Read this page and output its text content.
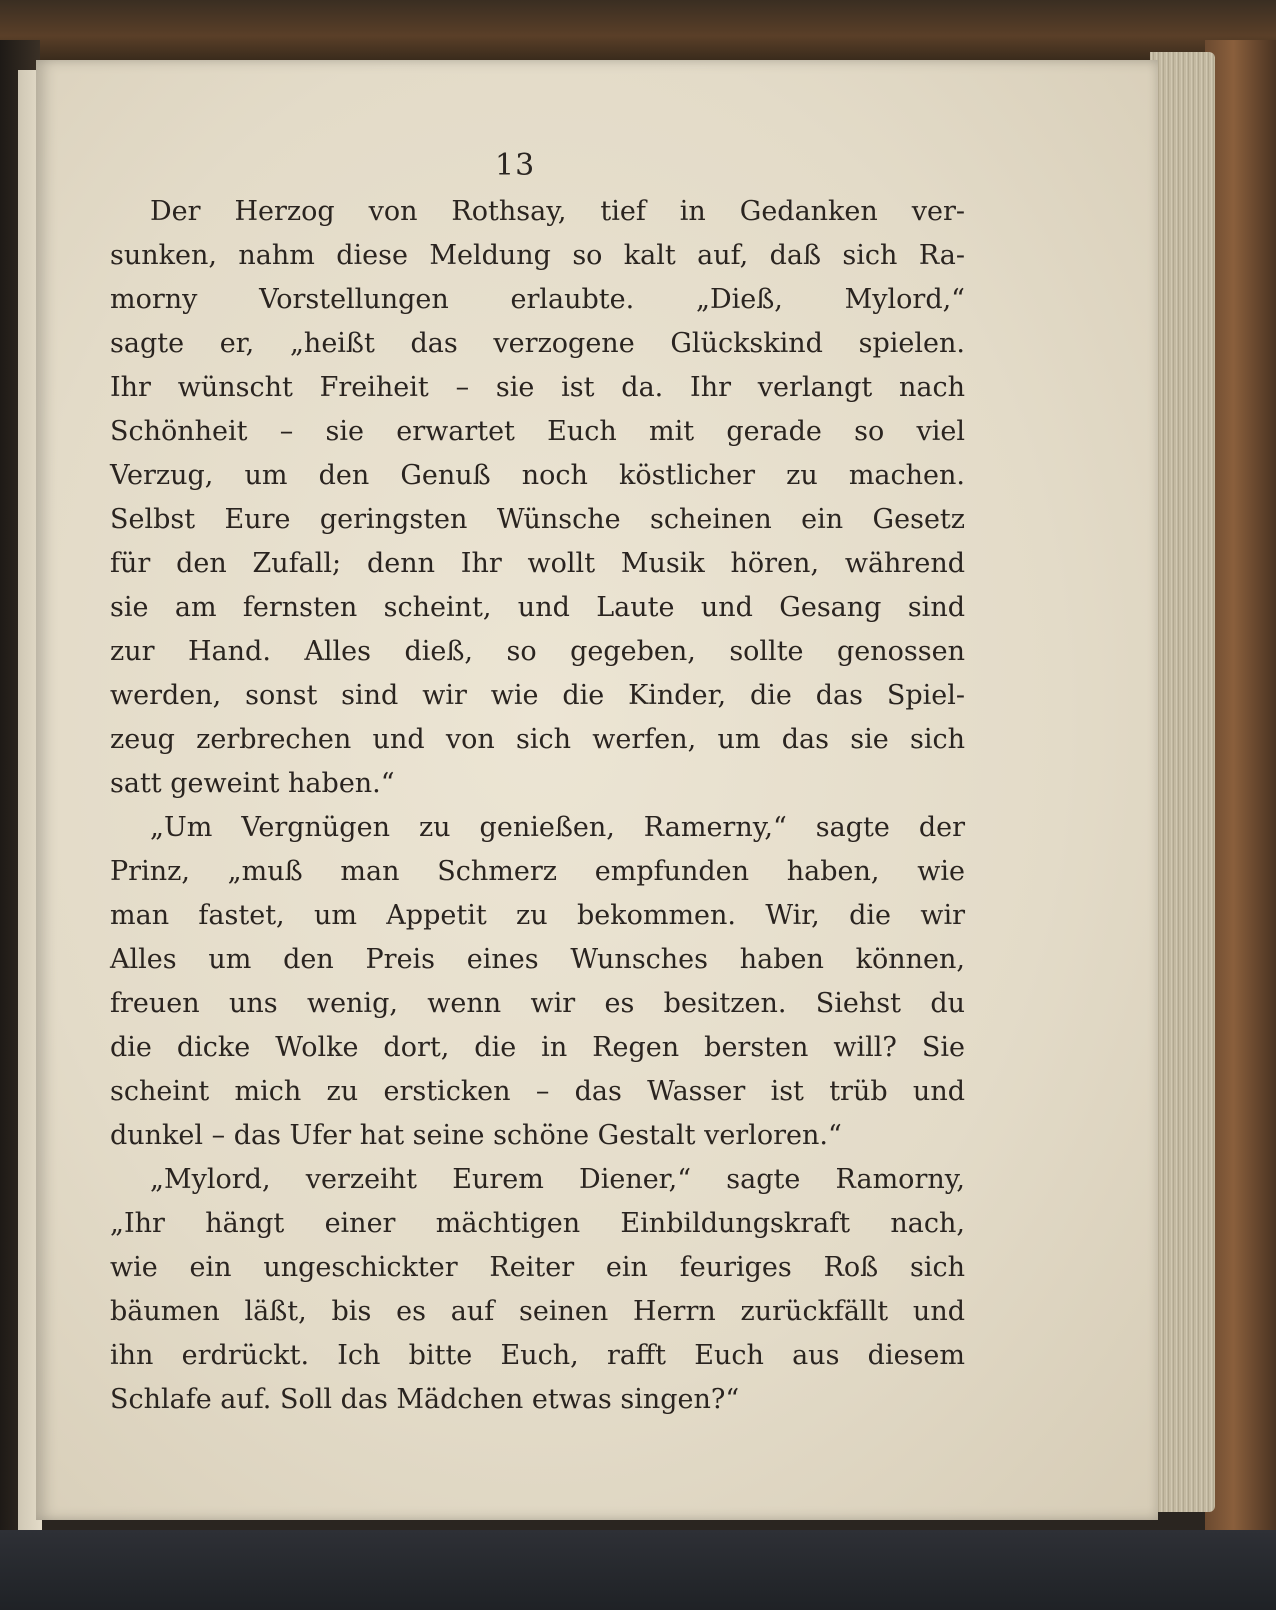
13
Der Herzog von Rothsay, tief in Gedanken ver-
sunken, nahm diese Meldung so kalt auf, daß sich Ra-
morny Vorstellungen erlaubte. „Dieß, Mylord,“
sagte er, „heißt das verzogene Glückskind spielen.
Ihr wünscht Freiheit – sie ist da. Ihr verlangt nach
Schönheit – sie erwartet Euch mit gerade so viel
Verzug, um den Genuß noch köstlicher zu machen.
Selbst Eure geringsten Wünsche scheinen ein Gesetz
für den Zufall; denn Ihr wollt Musik hören, während
sie am fernsten scheint, und Laute und Gesang sind
zur Hand. Alles dieß, so gegeben, sollte genossen
werden, sonst sind wir wie die Kinder, die das Spiel-
zeug zerbrechen und von sich werfen, um das sie sich
satt geweint haben.“
„Um Vergnügen zu genießen, Ramerny,“ sagte der
Prinz, „muß man Schmerz empfunden haben, wie
man fastet, um Appetit zu bekommen. Wir, die wir
Alles um den Preis eines Wunsches haben können,
freuen uns wenig, wenn wir es besitzen. Siehst du
die dicke Wolke dort, die in Regen bersten will? Sie
scheint mich zu ersticken – das Wasser ist trüb und
dunkel – das Ufer hat seine schöne Gestalt verloren.“
„Mylord, verzeiht Eurem Diener,“ sagte Ramorny,
„Ihr hängt einer mächtigen Einbildungskraft nach,
wie ein ungeschickter Reiter ein feuriges Roß sich
bäumen läßt, bis es auf seinen Herrn zurückfällt und
ihn erdrückt. Ich bitte Euch, rafft Euch aus diesem
Schlafe auf. Soll das Mädchen etwas singen?“
